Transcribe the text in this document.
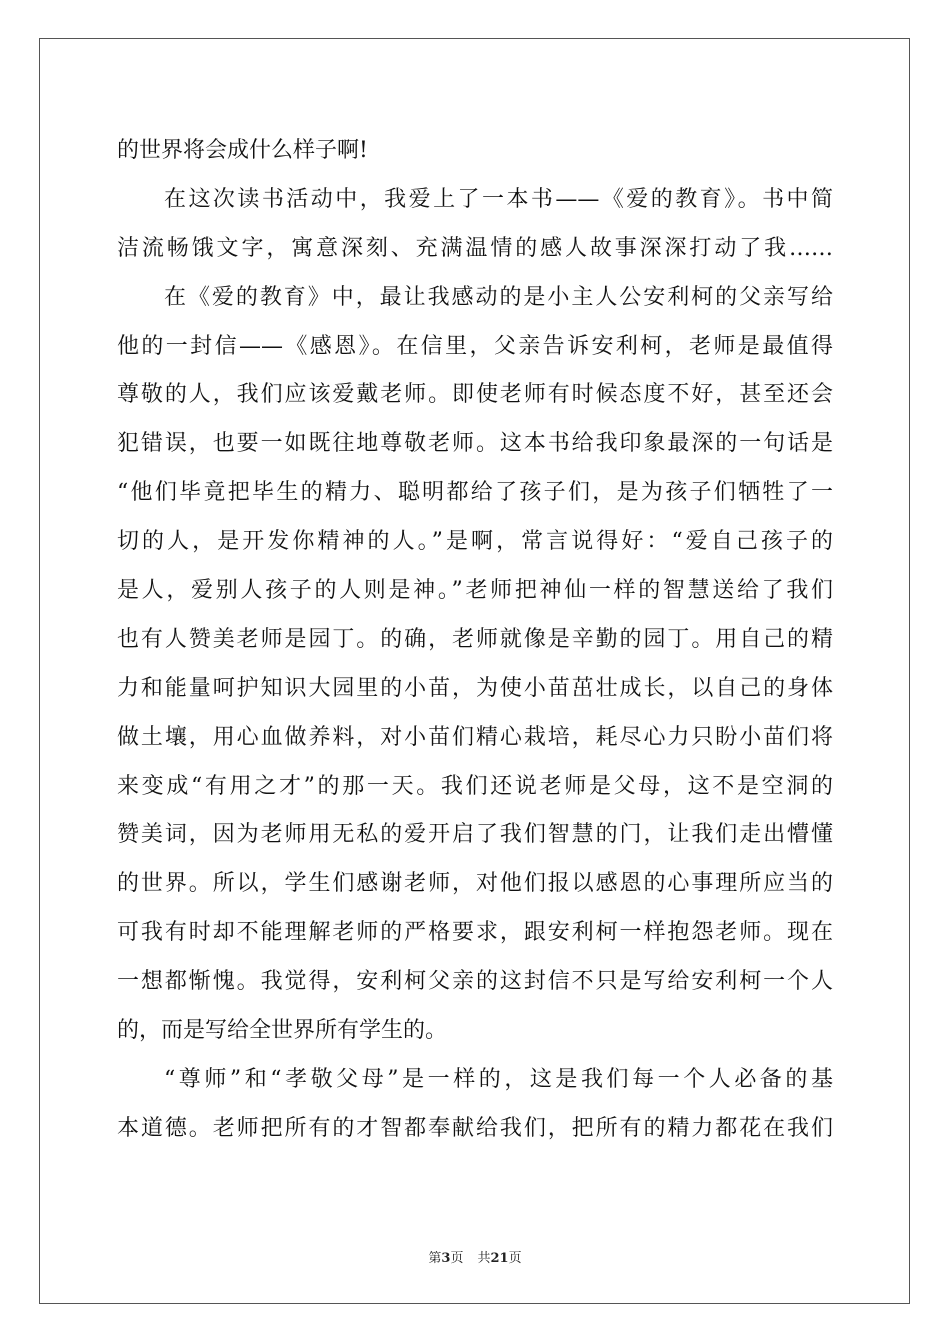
的世界将会成什么样子啊!
在这次读书活动中，我爱上了一本书——《爱的教育》。书中简
洁流畅饿文字，寓意深刻、充满温情的感人故事深深打动了我……
在《爱的教育》中，最让我感动的是小主人公安利柯的父亲写给
他的一封信——《感恩》。在信里，父亲告诉安利柯，老师是最值得
尊敬的人，我们应该爱戴老师。即使老师有时候态度不好，甚至还会
犯错误，也要一如既往地尊敬老师。这本书给我印象最深的一句话是
“他们毕竟把毕生的精力、聪明都给了孩子们，是为孩子们牺牲了一
切的人，是开发你精神的人。”是啊，常言说得好：“爱自己孩子的
是人，爱别人孩子的人则是神。”老师把神仙一样的智慧送给了我们
也有人赞美老师是园丁。的确，老师就像是辛勤的园丁。用自己的精
力和能量呵护知识大园里的小苗，为使小苗茁壮成长，以自己的身体
做土壤，用心血做养料，对小苗们精心栽培，耗尽心力只盼小苗们将
来变成“有用之才”的那一天。我们还说老师是父母，这不是空洞的
赞美词，因为老师用无私的爱开启了我们智慧的门，让我们走出懵懂
的世界。所以，学生们感谢老师，对他们报以感恩的心事理所应当的
可我有时却不能理解老师的严格要求，跟安利柯一样抱怨老师。现在
一想都惭愧。我觉得，安利柯父亲的这封信不只是写给安利柯一个人
的，而是写给全世界所有学生的。
“尊师”和“孝敬父母”是一样的，这是我们每一个人必备的基
本道德。老师把所有的才智都奉献给我们，把所有的精力都花在我们
第3页 共21页
